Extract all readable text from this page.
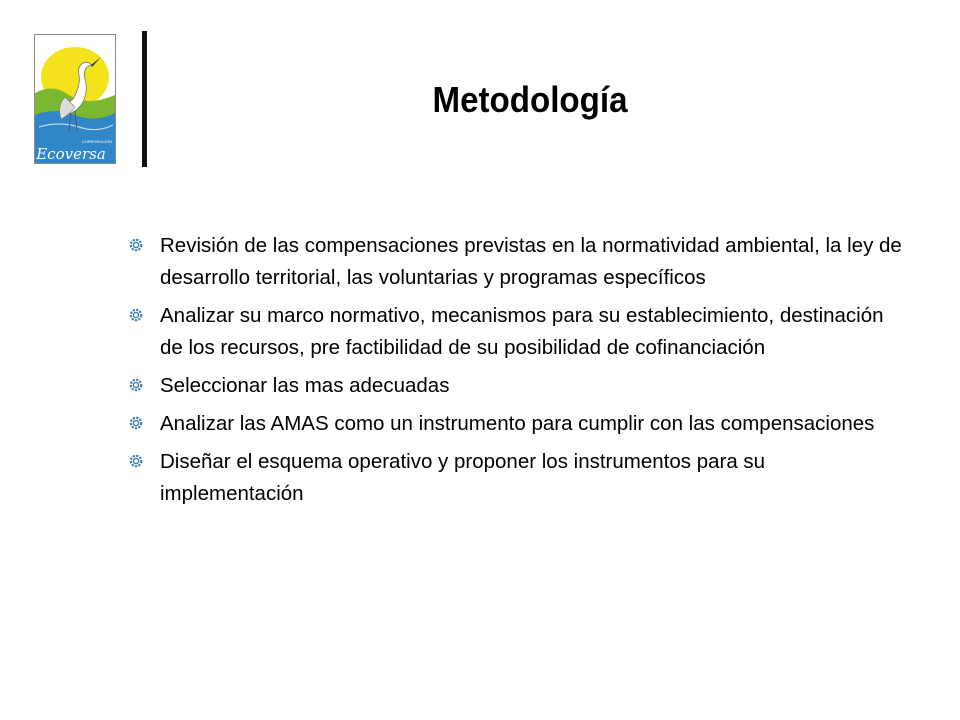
CORPORACIÓN
Ecoversa
Metodología
Revisión de las compensaciones previstas en la normatividad ambiental, la ley de desarrollo territorial, las voluntarias y programas específicos
Analizar su marco normativo, mecanismos para su establecimiento, destinación de los recursos, pre factibilidad de su posibilidad de cofinanciación
Seleccionar las mas adecuadas
Analizar las AMAS como un instrumento para cumplir con las compensaciones
Diseñar el esquema operativo y proponer los instrumentos para su implementación
